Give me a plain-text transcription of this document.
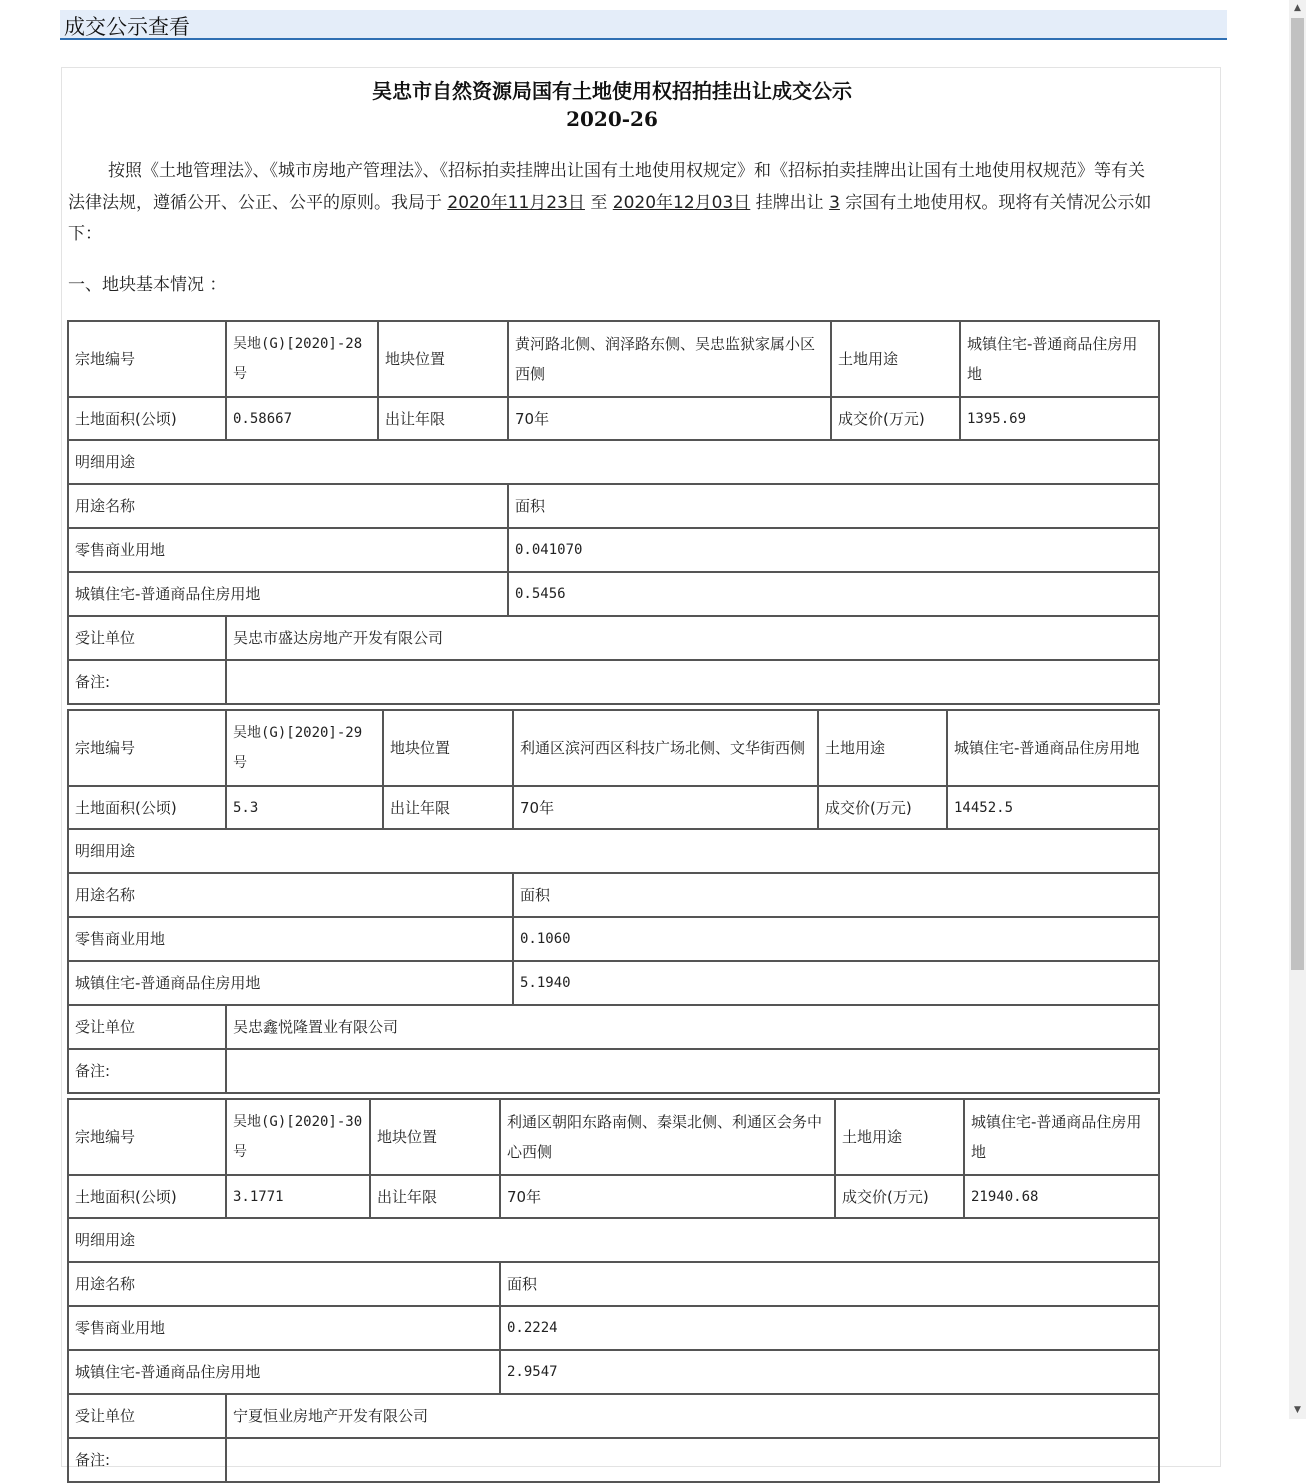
成交公示查看
吴忠市自然资源局国有土地使用权招拍挂出让成交公示
2020-26
按照《土地管理法》、《城市房地产管理法》、《招标拍卖挂牌出让国有土地使用权规定》和《招标拍卖挂牌出让国有土地使用权规范》等有关法律法规，遵循公开、公正、公平的原则。我局于 2020年11月23日 至 2020年12月03日 挂牌出让 3 宗国有土地使用权。现将有关情况公示如下：
一、地块基本情况 ：
宗地编号	吴地(G)[2020]-28号	地块位置	黄河路北侧、润泽路东侧、吴忠监狱家属小区西侧	土地用途	城镇住宅-普通商品住房用地
土地面积(公顷)	0.58667	出让年限	70年	成交价(万元)	1395.69
明细用途					
用途名称			面积		
零售商业用地			0.041070		
城镇住宅-普通商品住房用地			0.5456		
受让单位	吴忠市盛达房地产开发有限公司				
备注:					
宗地编号	吴地(G)[2020]-29号	地块位置	利通区滨河西区科技广场北侧、文华街西侧	土地用途	城镇住宅-普通商品住房用地
土地面积(公顷)	5.3	出让年限	70年	成交价(万元)	14452.5
明细用途					
用途名称			面积		
零售商业用地			0.1060		
城镇住宅-普通商品住房用地			5.1940		
受让单位	吴忠鑫悦隆置业有限公司				
备注:					
宗地编号	吴地(G)[2020]-30号	地块位置	利通区朝阳东路南侧、秦渠北侧、利通区会务中心西侧	土地用途	城镇住宅-普通商品住房用地
土地面积(公顷)	3.1771	出让年限	70年	成交价(万元)	21940.68
明细用途					
用途名称			面积		
零售商业用地			0.2224		
城镇住宅-普通商品住房用地			2.9547		
受让单位	宁夏恒业房地产开发有限公司				
备注:					
▲
▼
